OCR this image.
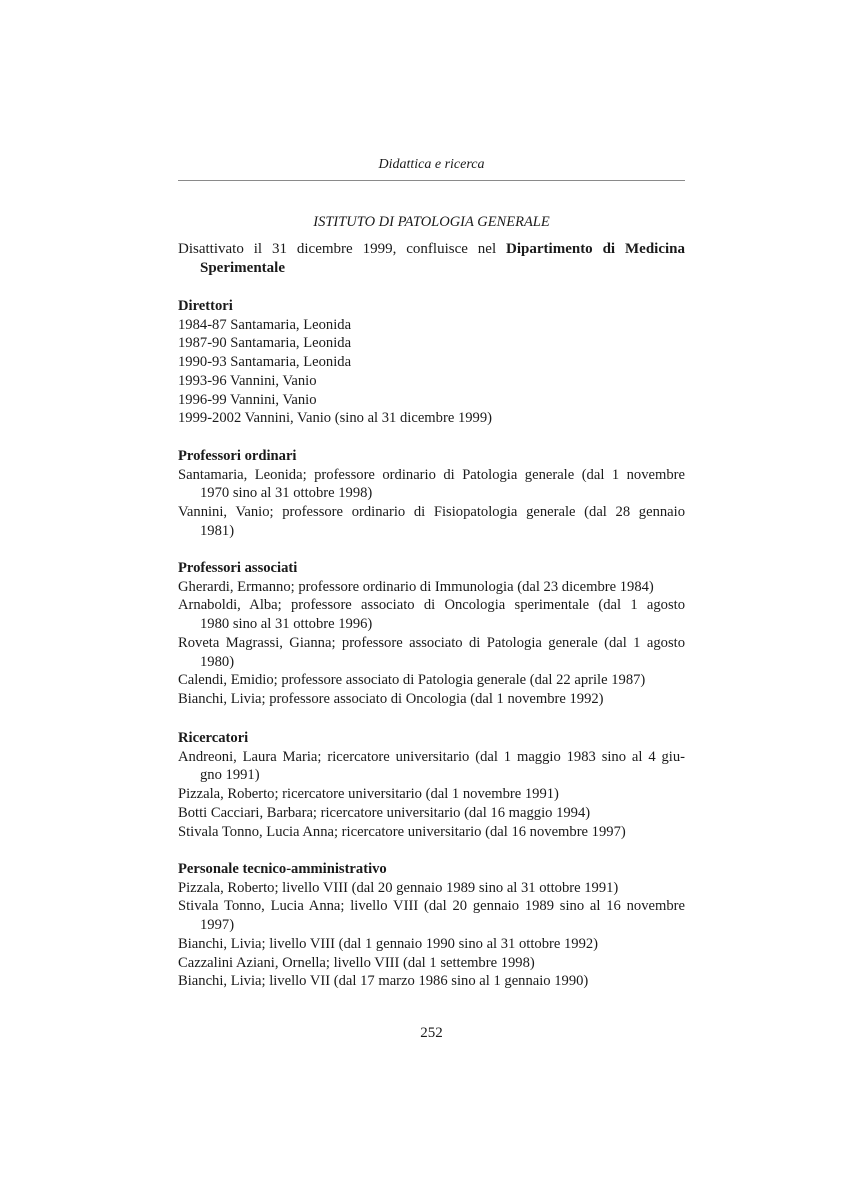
Didattica e ricerca
ISTITUTO DI PATOLOGIA GENERALE
Disattivato il 31 dicembre 1999, confluisce nel Dipartimento di Medicina
Sperimentale
Direttori
1984-87 Santamaria, Leonida
1987-90 Santamaria, Leonida
1990-93 Santamaria, Leonida
1993-96 Vannini, Vanio
1996-99 Vannini, Vanio
1999-2002 Vannini, Vanio (sino al 31 dicembre 1999)
Professori ordinari
Santamaria, Leonida; professore ordinario di Patologia generale (dal 1 novembre
1970 sino al 31 ottobre 1998)
Vannini, Vanio; professore ordinario di Fisiopatologia generale (dal 28 gennaio
1981)
Professori associati
Gherardi, Ermanno; professore ordinario di Immunologia (dal 23 dicembre 1984)
Arnaboldi, Alba; professore associato di Oncologia sperimentale (dal 1 agosto
1980 sino al 31 ottobre 1996)
Roveta Magrassi, Gianna; professore associato di Patologia generale (dal 1 agosto
1980)
Calendi, Emidio; professore associato di Patologia generale (dal 22 aprile 1987)
Bianchi, Livia; professore associato di Oncologia (dal 1 novembre 1992)
Ricercatori
Andreoni, Laura Maria; ricercatore universitario (dal 1 maggio 1983 sino al 4 giu-
gno 1991)
Pizzala, Roberto; ricercatore universitario (dal 1 novembre 1991)
Botti Cacciari, Barbara; ricercatore universitario (dal 16 maggio 1994)
Stivala Tonno, Lucia Anna; ricercatore universitario (dal 16 novembre 1997)
Personale tecnico-amministrativo
Pizzala, Roberto; livello VIII (dal 20 gennaio 1989 sino al 31 ottobre 1991)
Stivala Tonno, Lucia Anna; livello VIII (dal 20 gennaio 1989 sino al 16 novembre
1997)
Bianchi, Livia; livello VIII (dal 1 gennaio 1990 sino al 31 ottobre 1992)
Cazzalini Aziani, Ornella; livello VIII (dal 1 settembre 1998)
Bianchi, Livia; livello VII (dal 17 marzo 1986 sino al 1 gennaio 1990)
252
